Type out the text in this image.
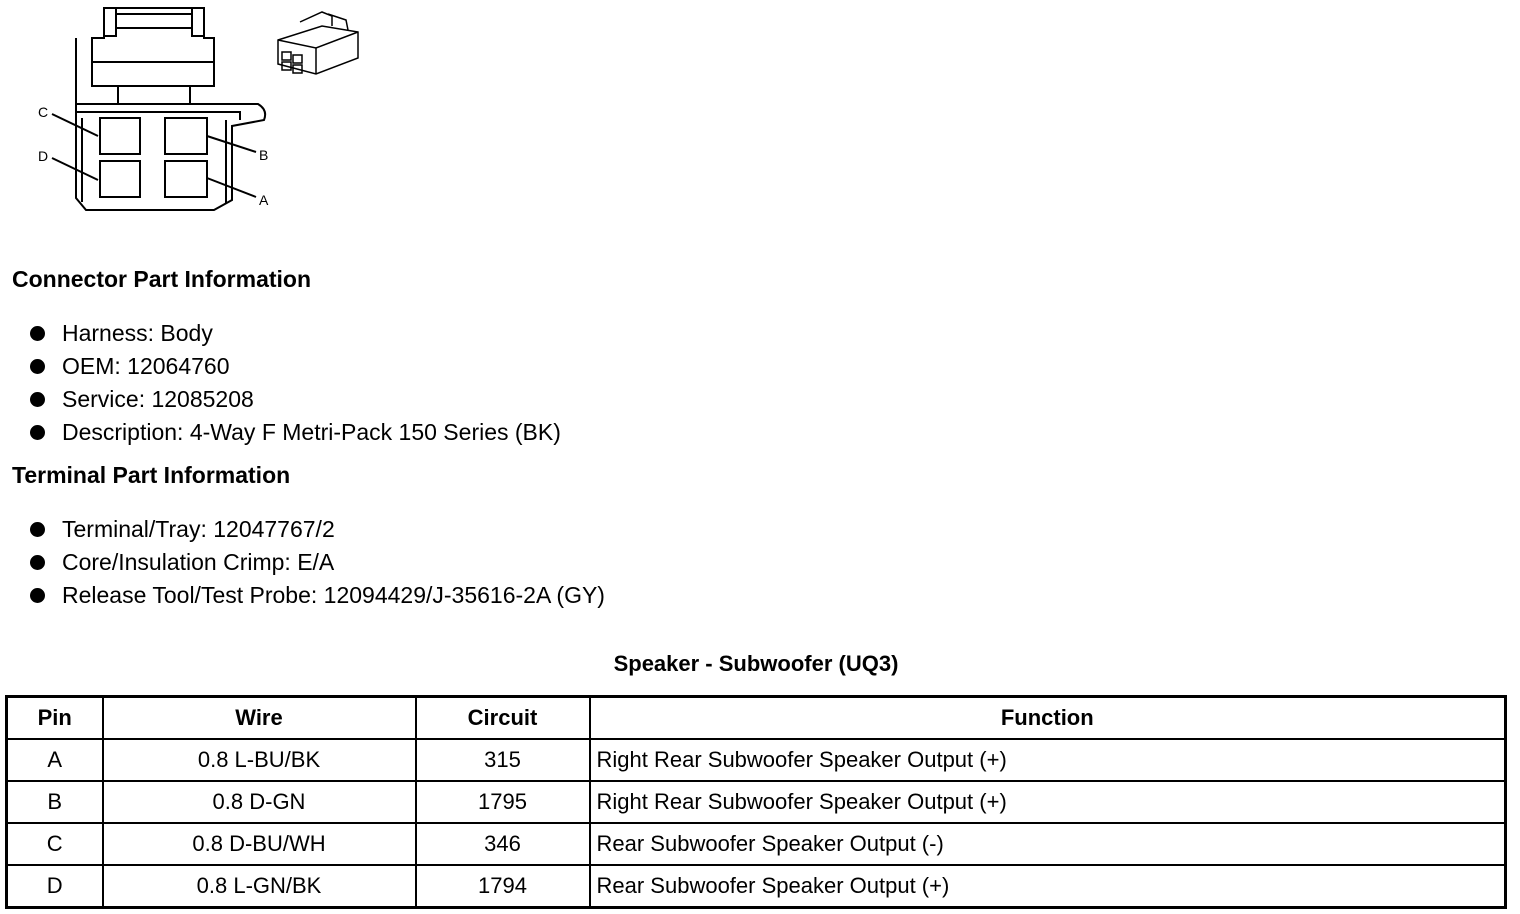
C
D	B
A
Connector Part Information
Harness: Body
OEM: 12064760
Service: 12085208
Description: 4-Way F Metri-Pack 150 Series (BK)
Terminal Part Information
Terminal/Tray: 12047767/2
Core/Insulation Crimp: E/A
Release Tool/Test Probe: 12094429/J-35616-2A (GY)
Speaker - Subwoofer (UQ3)
Pin	Wire	Circuit	Function
A	0.8 L-BU/BK	315	Right Rear Subwoofer Speaker Output (+)
B	0.8 D-GN	1795	Right Rear Subwoofer Speaker Output (+)
C	0.8 D-BU/WH	346	Rear Subwoofer Speaker Output (-)
D	0.8 L-GN/BK	1794	Rear Subwoofer Speaker Output (+)
